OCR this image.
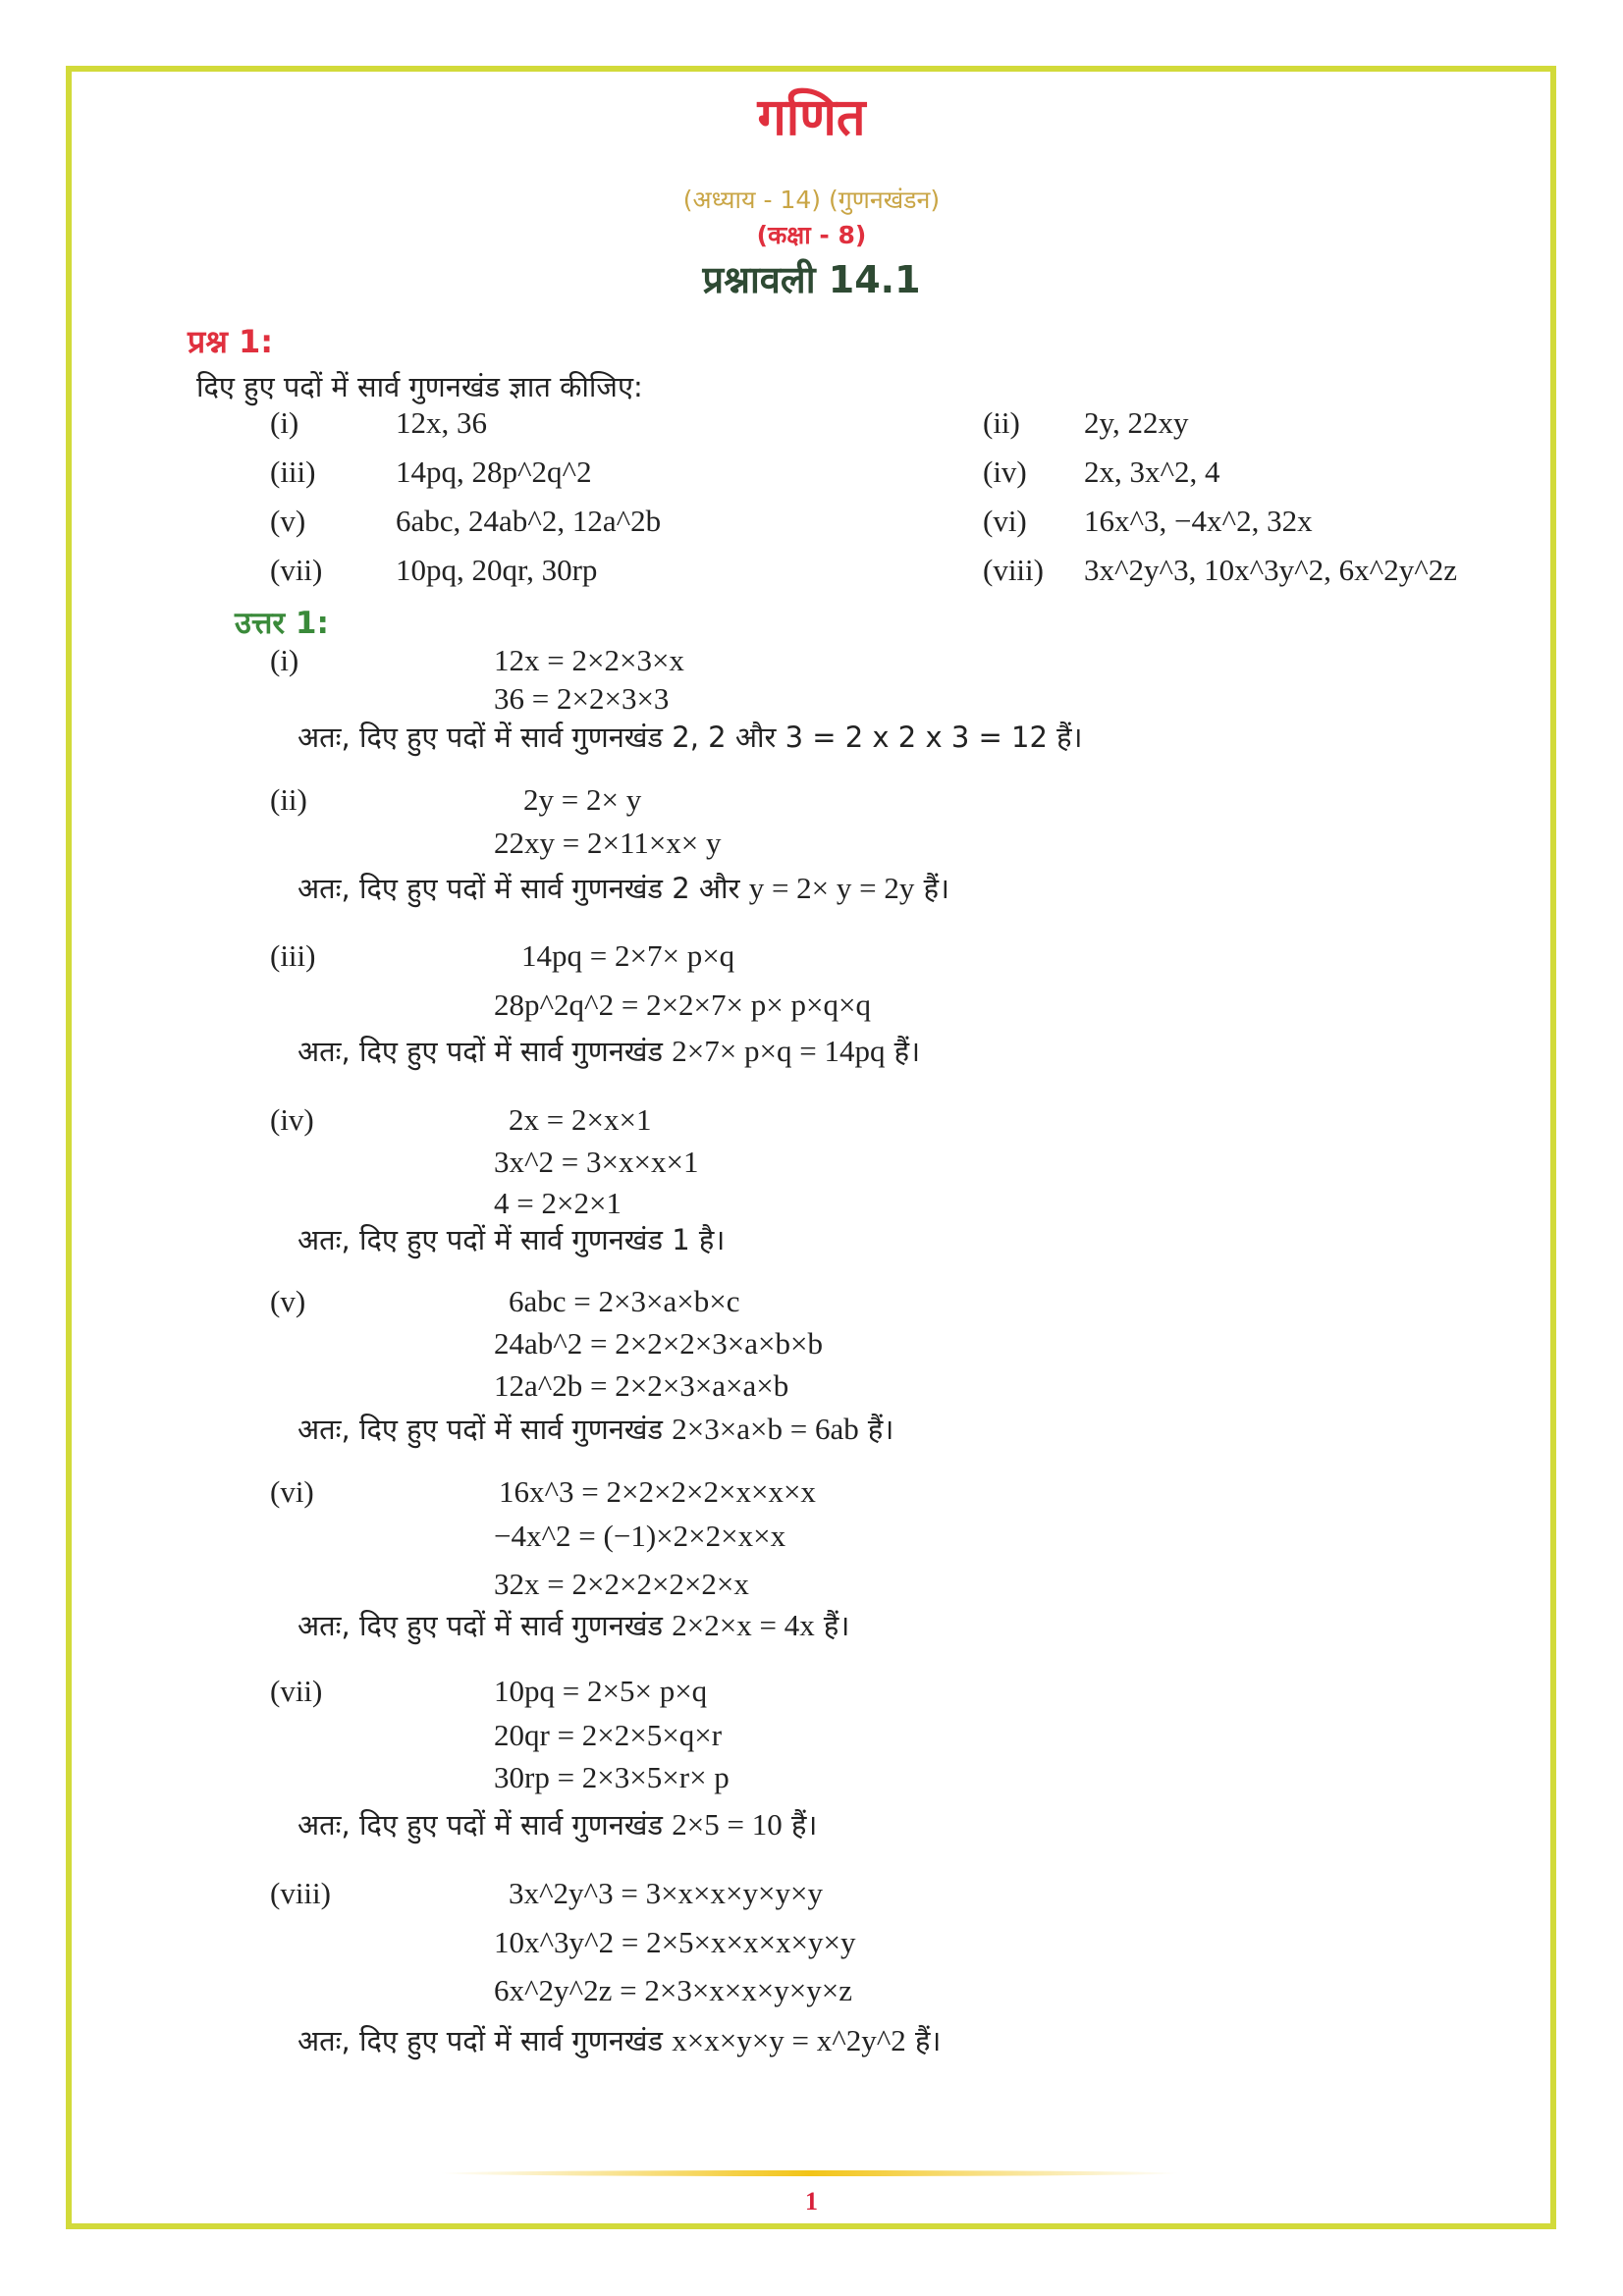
गणित
(अध्याय - 14) (गुणनखंडन)
(कक्षा - 8)
प्रश्नावली 14.1
प्रश्न 1:
दिए हुए पदों में सार्व गुणनखंड ज्ञात कीजिए:
(i)	12x, 36	(ii) 2y, 22xy
(iii)	14pq, 28p^2q^2	(iv) 2x, 3x^2, 4
(v)	6abc, 24ab^2, 12a^2b	(vi) 16x^3, −4x^2, 32x
(vii) 10pq, 20qr, 30rp	(viii) 3x^2y^3, 10x^3y^2, 6x^2y^2z
उत्तर 1:
(i)	12x = 2×2×3×x
36 = 2×2×3×3
अतः, दिए हुए पदों में सार्व गुणनखंड 2, 2 और 3 = 2 x 2 x 3 = 12 हैं।
(ii)	2y = 2× y
22xy = 2×11×x× y
अतः, दिए हुए पदों में सार्व गुणनखंड 2 और y = 2× y = 2y हैं।
(iii)	14pq = 2×7× p×q
28p^2q^2 = 2×2×7× p× p×q×q
अतः, दिए हुए पदों में सार्व गुणनखंड 2×7× p×q = 14pq हैं।
(iv)	2x = 2×x×1
3x^2 = 3×x×x×1
4 = 2×2×1
अतः, दिए हुए पदों में सार्व गुणनखंड 1 है।
(v)	6abc = 2×3×a×b×c
24ab^2 = 2×2×2×3×a×b×b
12a^2b = 2×2×3×a×a×b
अतः, दिए हुए पदों में सार्व गुणनखंड 2×3×a×b = 6ab हैं।
(vi)	16x^3 = 2×2×2×2×x×x×x
−4x^2 = (−1)×2×2×x×x
32x = 2×2×2×2×2×x
अतः, दिए हुए पदों में सार्व गुणनखंड 2×2×x = 4x हैं।
(vii)	10pq = 2×5× p×q
20qr = 2×2×5×q×r
30rp = 2×3×5×r× p
अतः, दिए हुए पदों में सार्व गुणनखंड 2×5 = 10 हैं।
(viii)	3x^2y^3 = 3×x×x×y×y×y
10x^3y^2 = 2×5×x×x×x×y×y
6x^2y^2z = 2×3×x×x×y×y×z
अतः, दिए हुए पदों में सार्व गुणनखंड x×x×y×y = x^2y^2 हैं।
1
